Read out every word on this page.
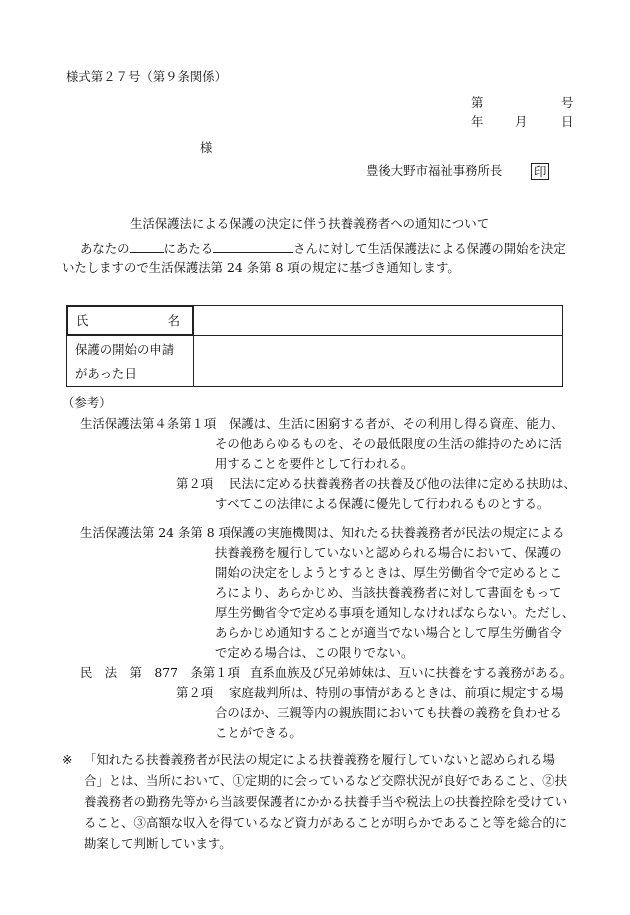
様式第２７号（第９条関係）
第	号
年	月	日
様
豊後大野市福祉事務所長	印
生活保護法による保護の決定に伴う扶養義務者への通知について
あなたの	にあたる	さんに対して生活保護法による保護の開始を決定
いたしますので生活保護法第 24 条第 8 項の規定に基づき通知します。
氏	名

保護の開始の申請
があった日	

（参考）
生活保護法第４条第１項 保護は、生活に困窮する者が、その利用し得る資産、能力、
その他あらゆるものを、その最低限度の生活の維持のために活
用することを要件として行われる。
第２項 民法に定める扶養義務者の扶養及び他の法律に定める扶助は、
すべてこの法律による保護に優先して行われるものとする。
生活保護法第 24 条第 8 項 保護の実施機関は、知れたる扶養義務者が民法の規定による
扶養義務を履行していないと認められる場合において、保護の
開始の決定をしようとするときは、厚生労働省令で定めるとこ
ろにより、あらかじめ、当該扶養義務者に対して書面をもって
厚生労働省令で定める事項を通知しなければならない。ただし、
あらかじめ通知することが適当でない場合として厚生労働省令
で定める場合は、この限りでない。
民　法　第　877　条第１項 直系血族及び兄弟姉妹は、互いに扶養をする義務がある。
第２項 家庭裁判所は、特別の事情があるときは、前項に規定する場
合のほか、三親等内の親族間においても扶養の義務を負わせる
ことができる。
※ 「知れたる扶養義務者が民法の規定による扶養義務を履行していないと認められる場
合」とは、当所において、①定期的に会っているなど交際状況が良好であること、②扶
養義務者の勤務先等から当該要保護者にかかる扶養手当や税法上の扶養控除を受けてい
ること、③高額な収入を得ているなど資力があることが明らかであること等を総合的に
勘案して判断しています。
